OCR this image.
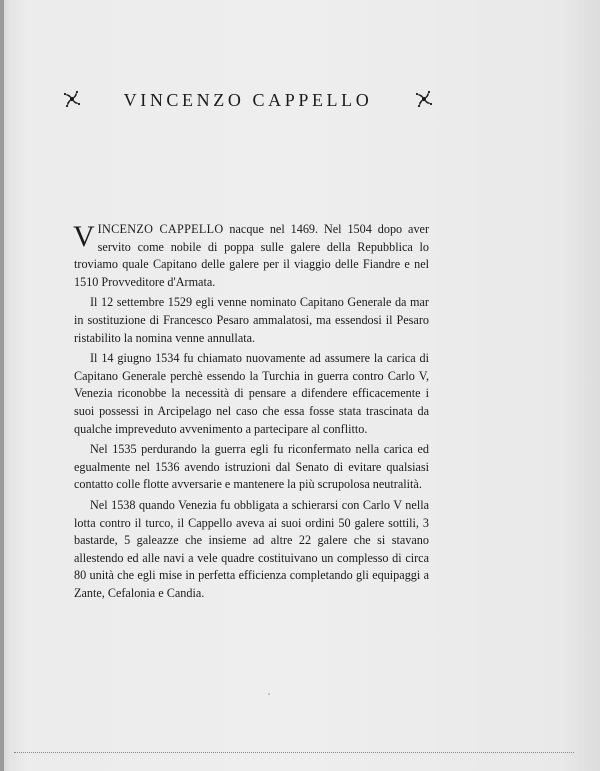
VINCENZO CAPPELLO

VINCENZO CAPPELLO nacque nel 1469. Nel 1504 dopo aver servito come nobile di poppa sulle galere della Repubblica lo troviamo quale Capitano delle galere per il viaggio delle Fiandre e nel 1510 Provveditore d'Armata.

Il 12 settembre 1529 egli venne nominato Capitano Generale da mar in sostituzione di Francesco Pesaro ammalatosi, ma essendosi il Pesaro ristabilito la nomina venne annullata.

Il 14 giugno 1534 fu chiamato nuovamente ad assumere la carica di Capitano Generale perchè essendo la Turchia in guerra contro Carlo V, Venezia riconobbe la necessità di pensare a difendere efficacemente i suoi possessi in Arcipelago nel caso che essa fosse stata trascinata da qualche impreveduto avvenimento a partecipare al conflitto.

Nel 1535 perdurando la guerra egli fu riconfermato nella carica ed egualmente nel 1536 avendo istruzioni dal Senato di evitare qualsiasi contatto colle flotte avversarie e mantenere la più scrupolosa neutralità.

Nel 1538 quando Venezia fu obbligata a schierarsi con Carlo V nella lotta contro il turco, il Cappello aveva ai suoi ordini 50 galere sottili, 3 bastarde, 5 galeazze che insieme ad altre 22 galere che si stavano allestendo ed alle navi a vele quadre costituivano un complesso di circa 80 unità che egli mise in perfetta efficienza completando gli equipaggi a Zante, Cefalonia e Candia.
